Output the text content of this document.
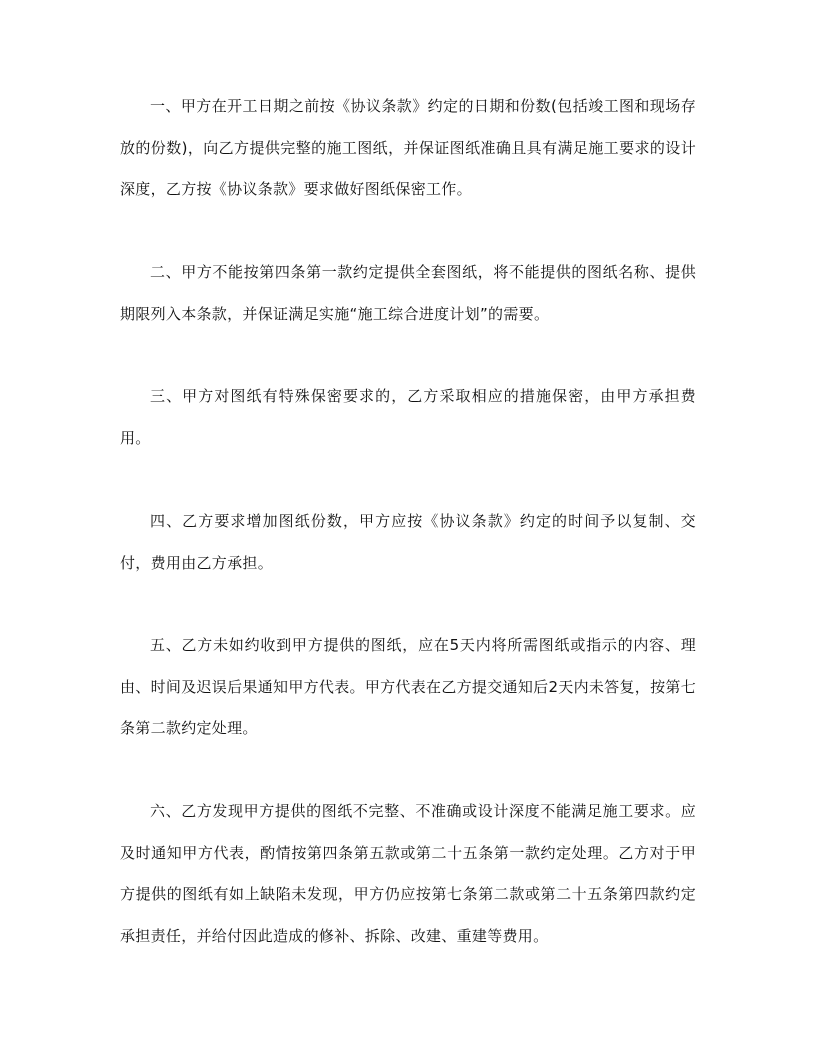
一、甲方在开工日期之前按《协议条款》约定的日期和份数(包括竣工图和现场存放的份数)，向乙方提供完整的施工图纸，并保证图纸准确且具有满足施工要求的设计深度，乙方按《协议条款》要求做好图纸保密工作。

二、甲方不能按第四条第一款约定提供全套图纸，将不能提供的图纸名称、提供期限列入本条款，并保证满足实施“施工综合进度计划”的需要。

三、甲方对图纸有特殊保密要求的，乙方采取相应的措施保密，由甲方承担费用。

四、乙方要求增加图纸份数，甲方应按《协议条款》约定的时间予以复制、交付，费用由乙方承担。

五、乙方未如约收到甲方提供的图纸，应在5天内将所需图纸或指示的内容、理由、时间及迟误后果通知甲方代表。甲方代表在乙方提交通知后2天内未答复，按第七条第二款约定处理。

六、乙方发现甲方提供的图纸不完整、不准确或设计深度不能满足施工要求。应及时通知甲方代表，酌情按第四条第五款或第二十五条第一款约定处理。乙方对于甲方提供的图纸有如上缺陷未发现，甲方仍应按第七条第二款或第二十五条第四款约定承担责任，并给付因此造成的修补、拆除、改建、重建等费用。
